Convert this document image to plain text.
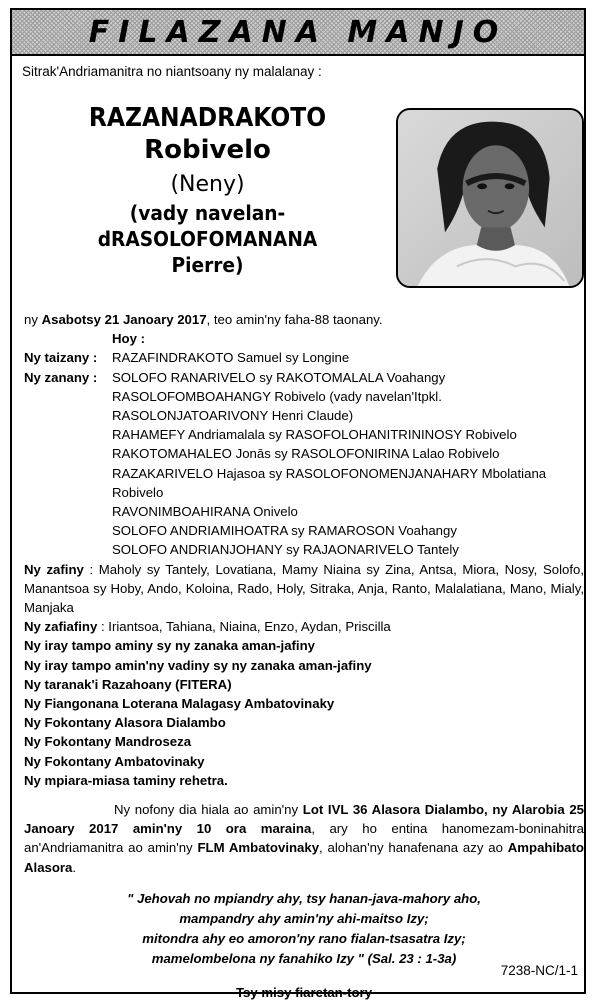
FILAZANA MANJO
Sitrak'Andriamanitra no niantsoany ny malalanay :
RAZANADRAKOTO
Robivelo
(Neny)
(vady navelan-dRASOLOFOMANANA
Pierre)
ny Asabotsy 21 Janoary 2017, teo amin'ny faha-88 taonany.
Hoy :
Ny taizany :	RAZAFINDRAKOTO Samuel sy Longine
Ny zanany :	SOLOFO RANARIVELO sy RAKOTOMALALA Voahangy
RASOLOFOMBOAHANGY Robivelo (vady navelan'Itpkl. RASOLONJATOARIVONY Henri Claude)
RAHAMEFY Andriamalala sy RASOFOLOHANITRININOSY Robivelo
RAKOTOMAHALEO Jonās sy RASOLOFONIRINA Lalao Robivelo
RAZAKARIVELO Hajasoa sy RASOLOFONOMENJANAHARY Mbolatiana Robivelo
RAVONIMBOAHIRANA Onivelo
SOLOFO ANDRIAMIHOATRA sy RAMAROSON Voahangy
SOLOFO ANDRIANJOHANY sy RAJAONARIVELO Tantely
Ny zafiny : Maholy sy Tantely, Lovatiana, Mamy Niaina sy Zina, Antsa, Miora, Nosy, Solofo, Manantsoa sy Hoby, Ando, Koloina, Rado, Holy, Sitraka, Anja, Ranto, Malalatiana, Mano, Mialy, Manjaka
Ny zafiafiny : Iriantsoa, Tahiana, Niaina, Enzo, Aydan, Priscilla
Ny iray tampo aminy sy ny zanaka aman-jafiny
Ny iray tampo amin'ny vadiny sy ny zanaka aman-jafiny
Ny taranak'i Razahoany (FITERA)
Ny Fiangonana Loterana Malagasy Ambatovinaky
Ny Fokontany Alasora Dialambo
Ny Fokontany Mandroseza
Ny Fokontany Ambatovinaky
Ny mpiara-miasa taminy rehetra.
Ny nofony dia hiala ao amin'ny Lot IVL 36 Alasora Dialambo, ny Alarobia 25 Janoary 2017 amin'ny 10 ora maraina, ary ho entina hanomezam-boninahitra an'Andriamanitra ao amin'ny FLM Ambatovinaky, alohan'ny hanafenana azy ao Ampahibato Alasora.
" Jehovah no mpiandry ahy, tsy hanan-java-mahory aho,
mampandry ahy amin'ny ahi-maitso Izy;
mitondra ahy eo amoron'ny rano fialan-tsasatra Izy;
mamelombelona ny fanahiko Izy " (Sal. 23 : 1-3a)
Tsy misy fiaretan-tory
7238-NC/1-1
